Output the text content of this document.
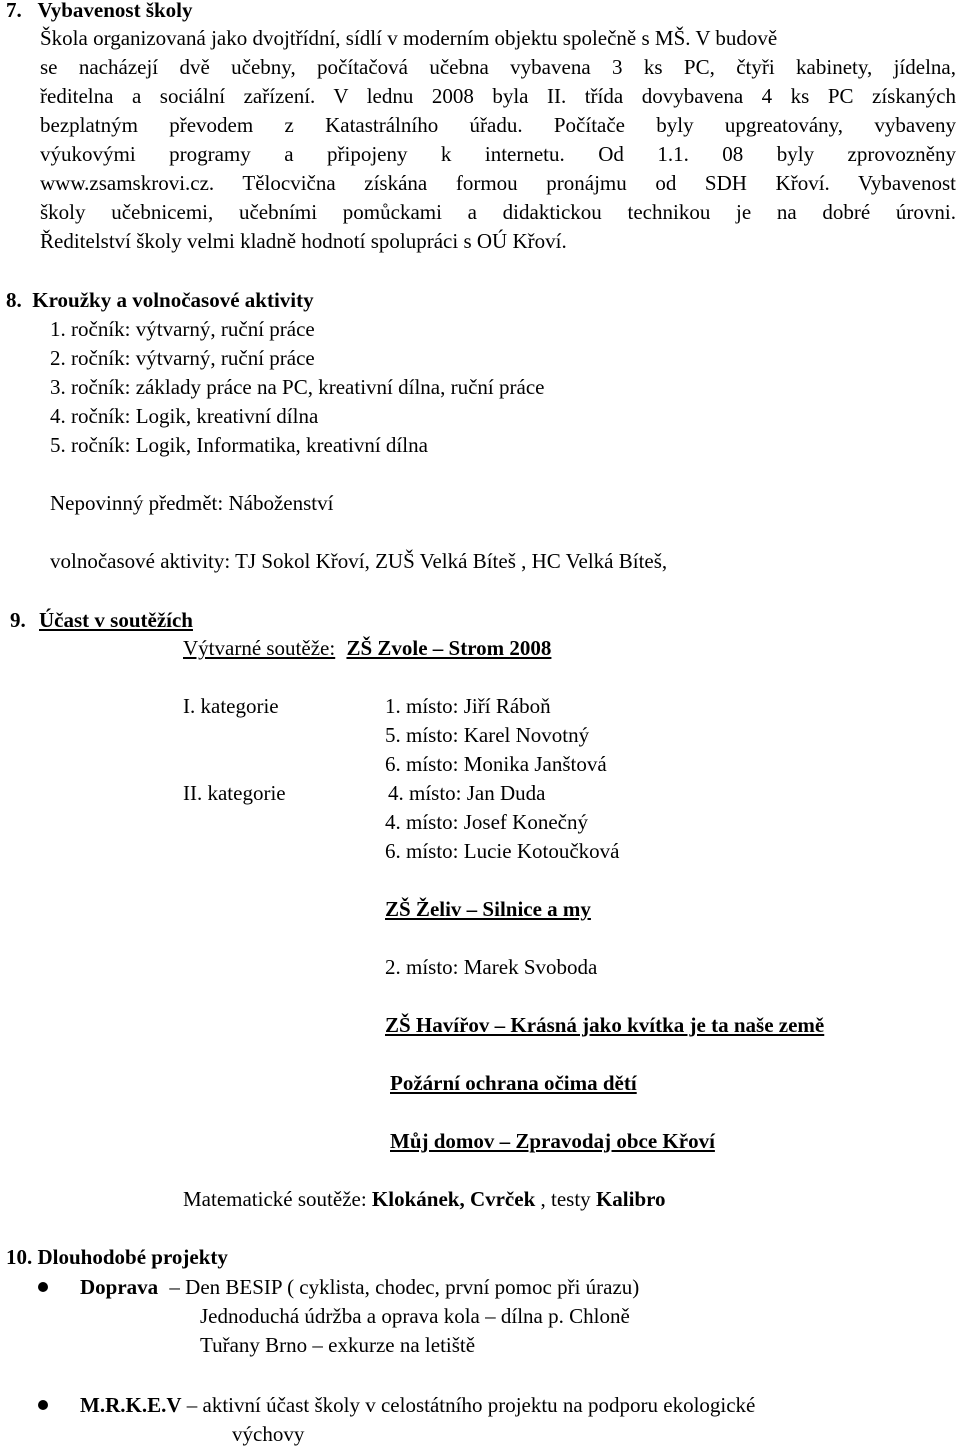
7.   Vybavenost školy
Škola organizovaná jako dvojtřídní, sídlí v moderním objektu společně s MŠ. V budově
se nacházejí dvě učebny, počítačová učebna vybavena 3 ks PC, čtyři kabinety, jídelna,
ředitelna a sociální zařízení. V lednu 2008 byla II. třída dovybavena 4 ks PC získaných
bezplatným převodem z Katastrálního úřadu. Počítače byly upgreatovány, vybaveny
výukovými programy a připojeny k internetu. Od 1.1. 08 byly zprovozněny
www.zsamskrovi.cz. Tělocvična získána formou pronájmu od SDH Křoví. Vybavenost
školy učebnicemi, učebními pomůckami a didaktickou technikou je na dobré úrovni.
Ředitelství školy velmi kladně hodnotí spolupráci s OÚ Křoví.
8.  Kroužky a volnočasové aktivity
1. ročník: výtvarný, ruční práce
2. ročník: výtvarný, ruční práce
3. ročník: základy práce na PC, kreativní dílna, ruční práce
4. ročník: Logik, kreativní dílna
5. ročník: Logik, Informatika, kreativní dílna
Nepovinný předmět: Náboženství
volnočasové aktivity: TJ Sokol Křoví, ZUŠ Velká Bíteš , HC Velká Bíteš,
9. Účast v soutěžích
Výtvarné soutěže: ZŠ Zvole – Strom 2008
I. kategorie	1. místo: Jiří Ráboň
5. místo: Karel Novotný
6. místo: Monika Janštová
II. kategorie	4. místo: Jan Duda
4. místo: Josef Konečný
6. místo: Lucie Kotoučková
ZŠ Želiv – Silnice a my
2. místo: Marek Svoboda
ZŠ Havířov – Krásná jako kvítka je ta naše země
Požární ochrana očima dětí
Můj domov – Zpravodaj obce Křoví
Matematické soutěže: Klokánek, Cvrček , testy Kalibro
10. Dlouhodobé projekty
Doprava – Den BESIP ( cyklista, chodec, první pomoc při úrazu)
Jednoduchá údržba a oprava kola – dílna p. Chloně
Tuřany Brno – exkurze na letiště
M.R.K.E.V – aktivní účast školy v celostátního projektu na podporu ekologické
výchovy
